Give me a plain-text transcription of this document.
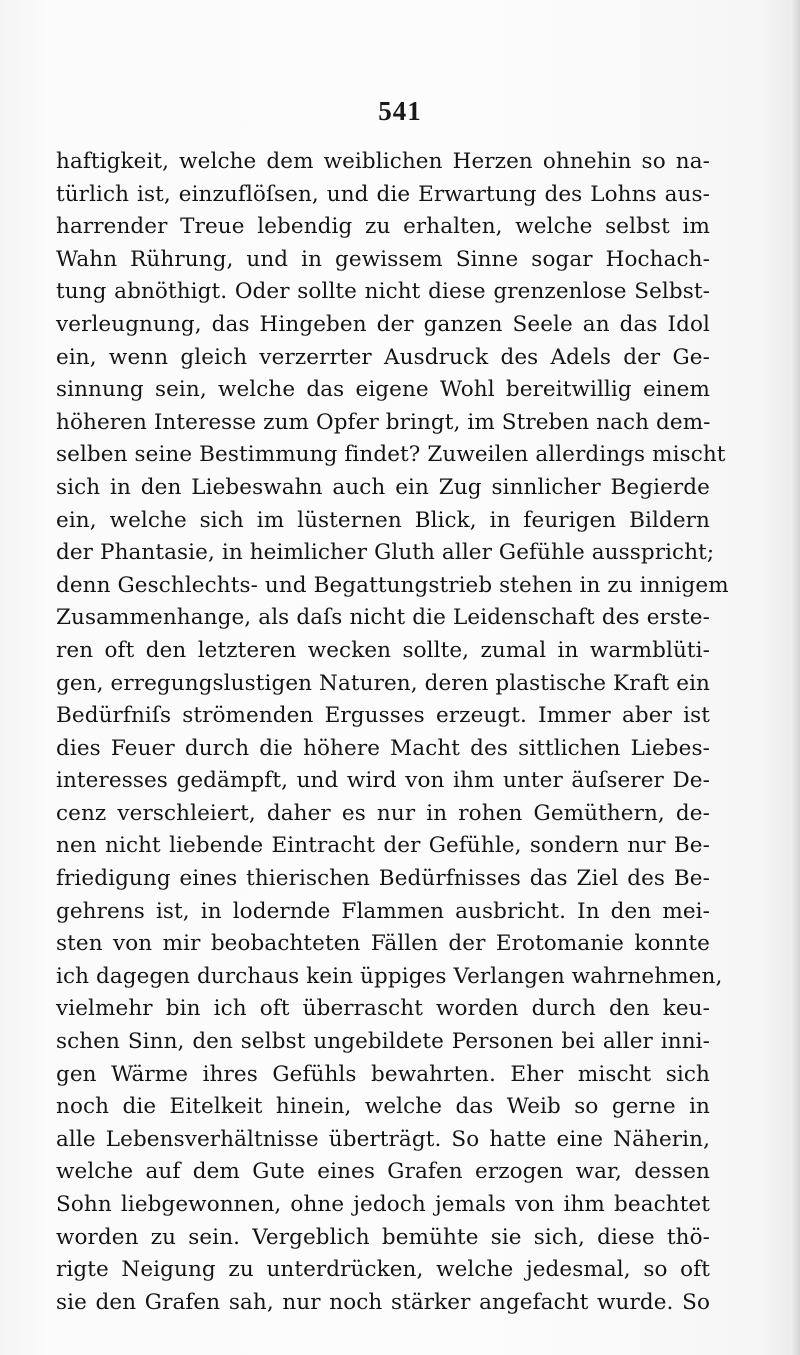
541
haftigkeit, welche dem weiblichen Herzen ohnehin so na-
türlich ist, einzuflöſsen, und die Erwartung des Lohns aus-
harrender Treue lebendig zu erhalten, welche selbst im
Wahn Rührung, und in gewissem Sinne sogar Hochach-
tung abnöthigt. Oder sollte nicht diese grenzenlose Selbst-
verleugnung, das Hingeben der ganzen Seele an das Idol
ein, wenn gleich verzerrter Ausdruck des Adels der Ge-
sinnung sein, welche das eigene Wohl bereitwillig einem
höheren Interesse zum Opfer bringt, im Streben nach dem-
selben seine Bestimmung findet? Zuweilen allerdings mischt
sich in den Liebeswahn auch ein Zug sinnlicher Begierde
ein, welche sich im lüsternen Blick, in feurigen Bildern
der Phantasie, in heimlicher Gluth aller Gefühle ausspricht;
denn Geschlechts- und Begattungstrieb stehen in zu innigem
Zusammenhange, als daſs nicht die Leidenschaft des erste-
ren oft den letzteren wecken sollte, zumal in warmblüti-
gen, erregungslustigen Naturen, deren plastische Kraft ein
Bedürfniſs strömenden Ergusses erzeugt. Immer aber ist
dies Feuer durch die höhere Macht des sittlichen Liebes-
interesses gedämpft, und wird von ihm unter äuſserer De-
cenz verschleiert, daher es nur in rohen Gemüthern, de-
nen nicht liebende Eintracht der Gefühle, sondern nur Be-
friedigung eines thierischen Bedürfnisses das Ziel des Be-
gehrens ist, in lodernde Flammen ausbricht. In den mei-
sten von mir beobachteten Fällen der Erotomanie konnte
ich dagegen durchaus kein üppiges Verlangen wahrnehmen,
vielmehr bin ich oft überrascht worden durch den keu-
schen Sinn, den selbst ungebildete Personen bei aller inni-
gen Wärme ihres Gefühls bewahrten. Eher mischt sich
noch die Eitelkeit hinein, welche das Weib so gerne in
alle Lebensverhältnisse überträgt. So hatte eine Näherin,
welche auf dem Gute eines Grafen erzogen war, dessen
Sohn liebgewonnen, ohne jedoch jemals von ihm beachtet
worden zu sein. Vergeblich bemühte sie sich, diese thö-
rigte Neigung zu unterdrücken, welche jedesmal, so oft
sie den Grafen sah, nur noch stärker angefacht wurde. So
